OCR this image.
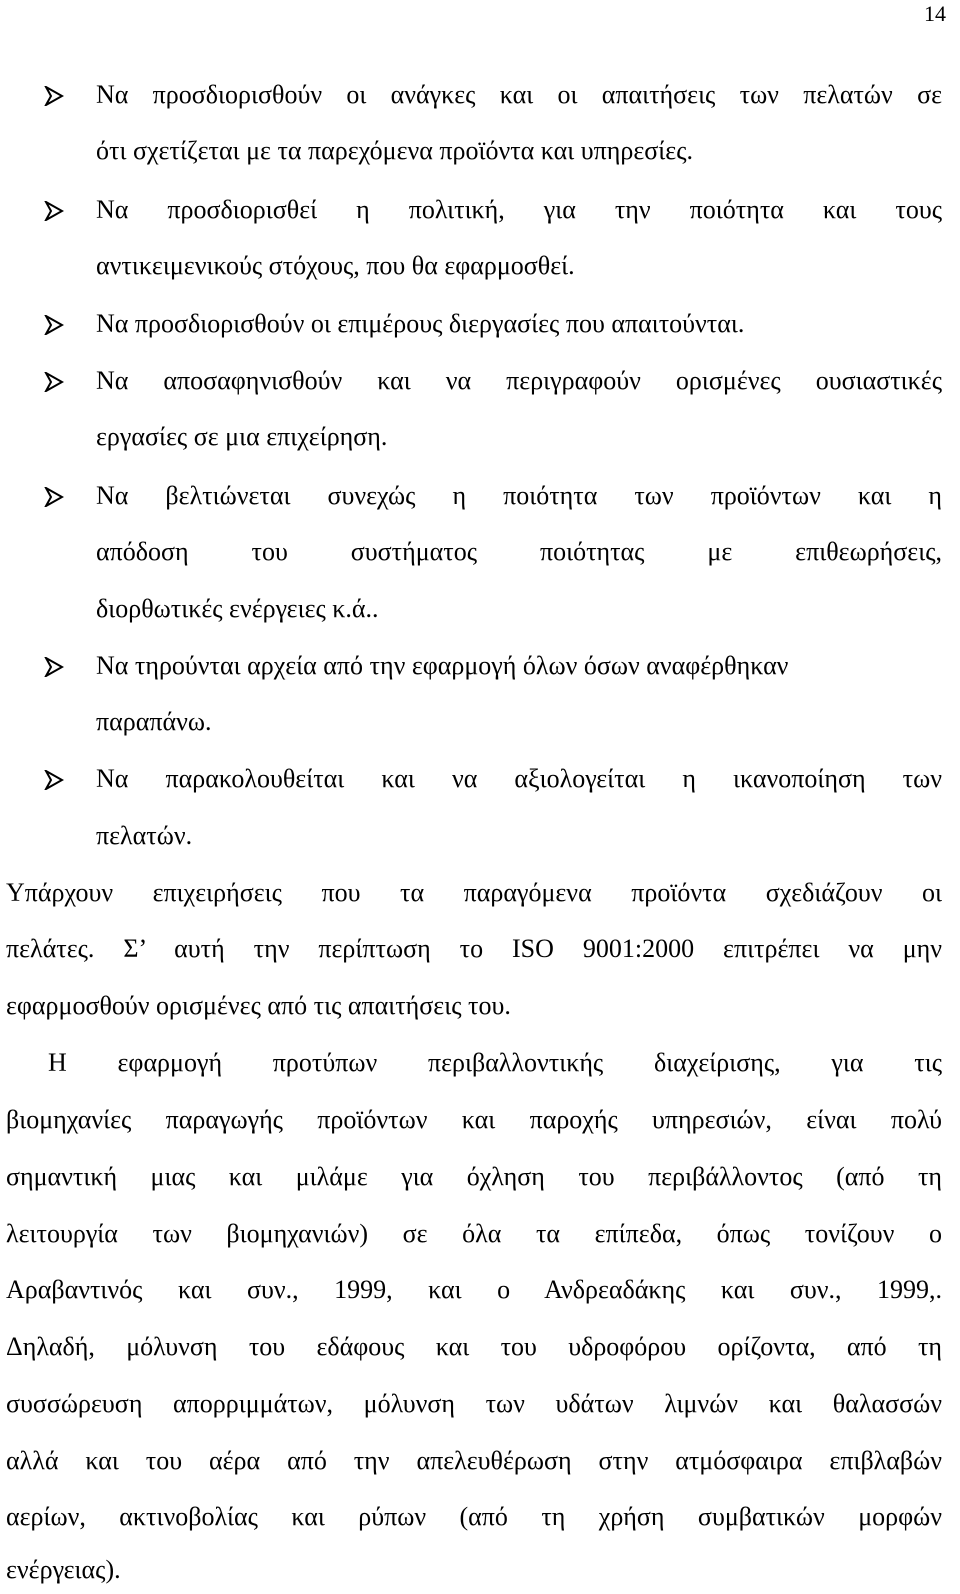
14
Να προσδιορισθούν οι ανάγκες και οι απαιτήσεις των πελατών σε
ότι σχετίζεται με τα παρεχόμενα προϊόντα και υπηρεσίες.
Να προσδιορισθεί η πολιτική, για την ποιότητα και τους
αντικειμενικούς στόχους, που θα εφαρμοσθεί.
Να προσδιορισθούν οι επιμέρους διεργασίες που απαιτούνται.
Να αποσαφηνισθούν και να περιγραφούν ορισμένες ουσιαστικές
εργασίες σε μια επιχείρηση.
Να βελτιώνεται συνεχώς η ποιότητα των προϊόντων και η
απόδοση του συστήματος ποιότητας με επιθεωρήσεις,
διορθωτικές ενέργειες κ.ά..
Να τηρούνται αρχεία από την εφαρμογή όλων όσων αναφέρθηκαν
παραπάνω.
Να παρακολουθείται και να αξιολογείται η ικανοποίηση των
πελατών.
Υπάρχουν επιχειρήσεις που τα παραγόμενα προϊόντα σχεδιάζουν οι
πελάτες. Σ’ αυτή την περίπτωση το ISO 9001:2000 επιτρέπει να μην
εφαρμοσθούν ορισμένες από τις απαιτήσεις του.
Η εφαρμογή προτύπων περιβαλλοντικής διαχείρισης, για τις
βιομηχανίες παραγωγής προϊόντων και παροχής υπηρεσιών, είναι πολύ
σημαντική μιας και μιλάμε για όχληση του περιβάλλοντος (από τη
λειτουργία των βιομηχανιών) σε όλα τα επίπεδα, όπως τονίζουν ο
Αραβαντινός και συν., 1999, και ο Ανδρεαδάκης και συν., 1999,.
Δηλαδή, μόλυνση του εδάφους και του υδροφόρου ορίζοντα, από τη
συσσώρευση απορριμμάτων, μόλυνση των υδάτων λιμνών και θαλασσών
αλλά και του αέρα από την απελευθέρωση στην ατμόσφαιρα επιβλαβών
αερίων, ακτινοβολίας και ρύπων (από τη χρήση συμβατικών μορφών
ενέργειας).
